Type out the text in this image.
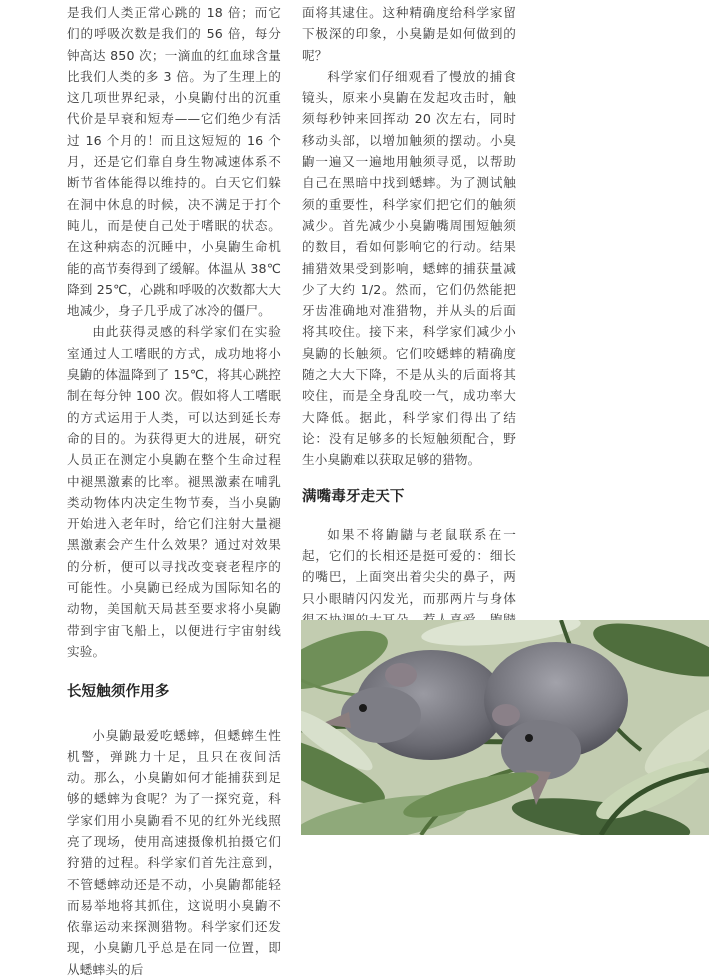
是我们人类正常心跳的 18 倍；而它们的呼吸次数是我们的 56 倍，每分钟高达 850 次；一滴血的红血球含量比我们人类的多 3 倍。为了生理上的这几项世界纪录，小臭鼩付出的沉重代价是早衰和短寿——它们绝少有活过 16 个月的！而且这短短的 16 个月，还是它们靠自身生物减速体系不断节省体能得以维持的。白天它们躲在洞中休息的时候，决不满足于打个盹儿，而是使自己处于嗜眠的状态。在这种病态的沉睡中，小臭鼩生命机能的高节奏得到了缓解。体温从 38℃降到 25℃，心跳和呼吸的次数都大大地减少，身子几乎成了冰冷的僵尸。

由此获得灵感的科学家们在实验室通过人工嗜眠的方式，成功地将小臭鼩的体温降到了 15℃，将其心跳控制在每分钟 100 次。假如将人工嗜眠的方式运用于人类，可以达到延长寿命的目的。为获得更大的进展，研究人员正在测定小臭鼩在整个生命过程中褪黑激素的比率。褪黑激素在哺乳类动物体内决定生物节奏，当小臭鼩开始进入老年时，给它们注射大量褪黑激素会产生什么效果？通过对效果的分析，便可以寻找改变衰老程序的可能性。小臭鼩已经成为国际知名的动物，美国航天局甚至要求将小臭鼩带到宇宙飞船上，以便进行宇宙射线实验。

长短触须作用多

小臭鼩最爱吃蟋蟀，但蟋蟀生性机警，弹跳力十足，且只在夜间活动。那么，小臭鼩如何才能捕获到足够的蟋蟀为食呢？为了一探究竟，科学家们用小臭鼩看不见的红外光线照亮了现场，使用高速摄像机拍摄它们狩猎的过程。科学家们首先注意到，不管蟋蟀动还是不动，小臭鼩都能轻而易举地将其抓住，这说明小臭鼩不依靠运动来探测猎物。科学家们还发现，小臭鼩几乎总是在同一位置，即从蟋蟀头的后

面将其逮住。这种精确度给科学家留下极深的印象，小臭鼩是如何做到的呢？

科学家们仔细观看了慢放的捕食镜头，原来小臭鼩在发起攻击时，触须每秒钟来回挥动 20 次左右，同时移动头部，以增加触须的摆动。小臭鼩一遍又一遍地用触须寻觅，以帮助自己在黑暗中找到蟋蟀。为了测试触须的重要性，科学家们把它们的触须减少。首先减少小臭鼩嘴周围短触须的数目，看如何影响它的行动。结果捕猎效果受到影响，蟋蟀的捕获量减少了大约 1/2。然而，它们仍然能把牙齿准确地对准猎物，并从头的后面将其咬住。接下来，科学家们减少小臭鼩的长触须。它们咬蟋蟀的精确度随之大大下降，不是从头的后面将其咬住，而是全身乱咬一气，成功率大大降低。据此，科学家们得出了结论：没有足够多的长短触须配合，野生小臭鼩难以获取足够的猎物。

满嘴毒牙走天下

如果不将鼩鼱与老鼠联系在一起，它们的长相还是挺可爱的：细长的嘴巴，上面突出着尖尖的鼻子，两只小眼睛闪闪发光，而那两片与身体
